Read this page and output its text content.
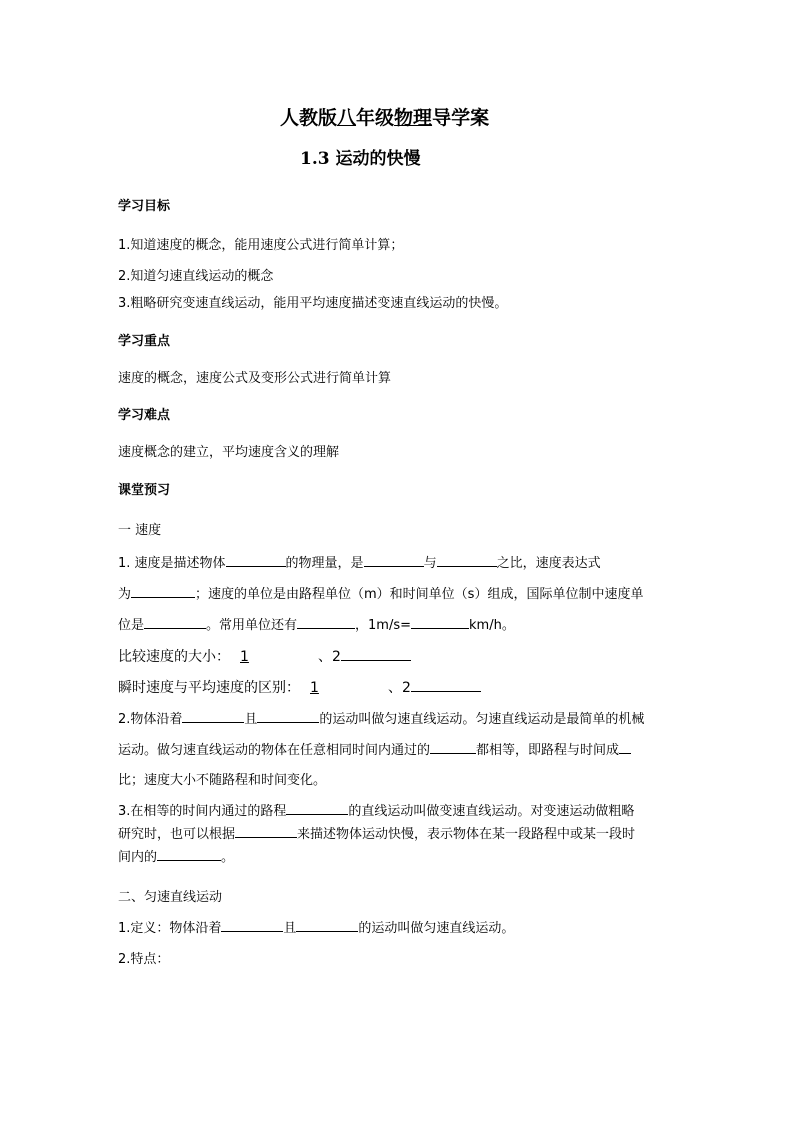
人教版八年级物理导学案
1.3 运动的快慢
学习目标
1.知道速度的概念，能用速度公式进行简单计算；
2.知道匀速直线运动的概念
3.粗略研究变速直线运动，能用平均速度描述变速直线运动的快慢。
学习重点
速度的概念，速度公式及变形公式进行简单计算
学习难点
速度概念的建立，平均速度含义的理解
课堂预习
一 速度
1. 速度是描述物体	的物理量，是	与	之比，速度表达式
为	；速度的单位是由路程单位（m）和时间单位（s）组成，国际单位制中速度单
位是	。常用单位还有	，1m/s=	km/h。
比较速度的大小： 1	、2
瞬时速度与平均速度的区别： 1	、2
2.物体沿着	且	的运动叫做匀速直线运动。匀速直线运动是最简单的机械
运动。做匀速直线运动的物体在任意相同时间内通过的	都相等，即路程与时间成
比；速度大小不随路程和时间变化。
3.在相等的时间内通过的路程	的直线运动叫做变速直线运动。对变速运动做粗略
研究时，也可以根据	来描述物体运动快慢，表示物体在某一段路程中或某一段时
间内的	。
二、匀速直线运动
1.定义：物体沿着	且	的运动叫做匀速直线运动。
2.特点：
